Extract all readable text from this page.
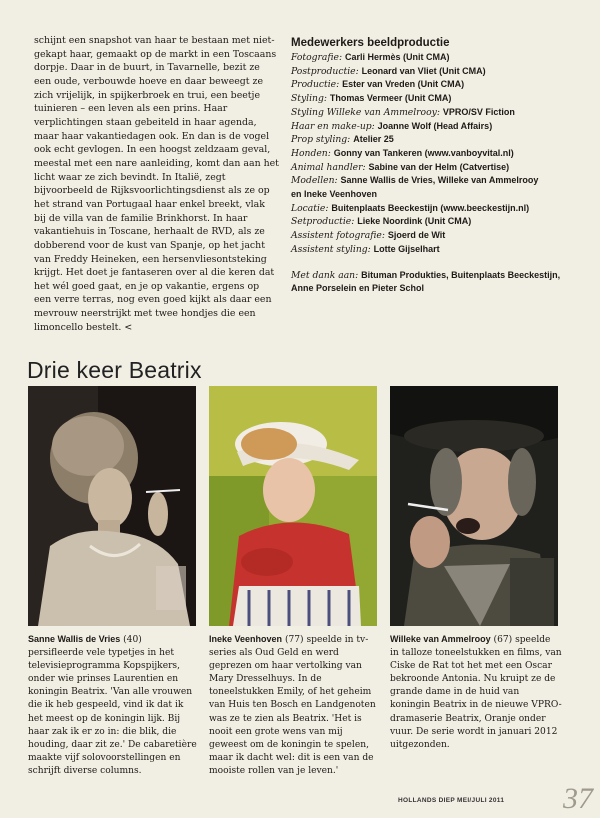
schijnt een snapshot van haar te bestaan met niet-gekapt haar, gemaakt op de markt in een Toscaans dorpje. Daar in de buurt, in Tavarnelle, bezit ze een oude, verbouwde hoeve en daar beweegt ze zich vrijelijk, in spijkerbroek en trui, een beetje tuinieren – een leven als een prins. Haar verplichtingen staan gebeiteld in haar agenda, maar haar vakantiedagen ook. En dan is de vogel ook echt gevlogen. In een hoogst zeldzaam geval, meestal met een nare aanleiding, komt dan aan het licht waar ze zich bevindt. In Italië, zegt bijvoorbeeld de Rijksvoorlichtingsdienst als ze op het strand van Portugaal haar enkel breekt, vlak bij de villa van de familie Brinkhorst. In haar vakantiehuis in Toscane, herhaalt de RVD, als ze dobberend voor de kust van Spanje, op het jacht van Freddy Heineken, een hersenvliesontsteking krijgt. Het doet je fantaseren over al die keren dat het wél goed gaat, en je op vakantie, ergens op een verre terras, nog even goed kijkt als daar een mevrouw neerstrijkt met twee hondjes die een limoncello bestelt. <

Medewerkers beeldproductie

Fotografie: Carli Hermès (Unit CMA)
Postproductie: Leonard van Vliet (Unit CMA)
Productie: Ester van Vreden (Unit CMA)
Styling: Thomas Vermeer (Unit CMA)
Styling Willeke van Ammelrooy: VPRO/SV Fiction
Haar en make-up: Joanne Wolf (Head Affairs)
Prop styling: Atelier 25
Honden: Gonny van Tankeren (www.vanboyvital.nl)
Animal handler: Sabine van der Helm (Catvertise)
Modellen: Sanne Wallis de Vries, Willeke van Ammelrooy
en Ineke Veenhoven
Locatie: Buitenplaats Beeckestijn (www.beeckestijn.nl)
Setproductie: Lieke Noordink (Unit CMA)
Assistent fotografie: Sjoerd de Wit
Assistent styling: Lotte Gijselhart
Met dank aan: Bituman Produkties, Buitenplaats Beeckestijn, Anne Porselein en Pieter Schol
Drie keer Beatrix

Sanne Wallis de Vries (40) persifleerde vele typetjes in het televisieprogramma Kopspijkers, onder wie prinses Laurentien en koningin Beatrix. 'Van alle vrouwen die ik heb gespeeld, vind ik dat ik het meest op de koningin lijk. Bij haar zak ik er zo in: die blik, die houding, daar zit ze.' De cabaretière maakte vijf solovoorstellingen en schrijft diverse columns.

Ineke Veenhoven (77) speelde in tv-series als Oud Geld en werd geprezen om haar vertolking van Mary Dresselhuys. In de toneelstukken Emily, of het geheim van Huis ten Bosch en Landgenoten was ze te zien als Beatrix. 'Het is nooit een grote wens van mij geweest om de koningin te spelen, maar ik dacht wel: dit is een van de mooiste rollen van je leven.'

Willeke van Ammelrooy (67) speelde in talloze toneelstukken en films, van Ciske de Rat tot het met een Oscar bekroonde Antonia. Nu kruipt ze de grande dame in de huid van koningin Beatrix in de nieuwe VPRO-dramaserie Beatrix, Oranje onder vuur. De serie wordt in januari 2012 uitgezonden.

HOLLANDS DIEP MEI/JULI 2011 37
